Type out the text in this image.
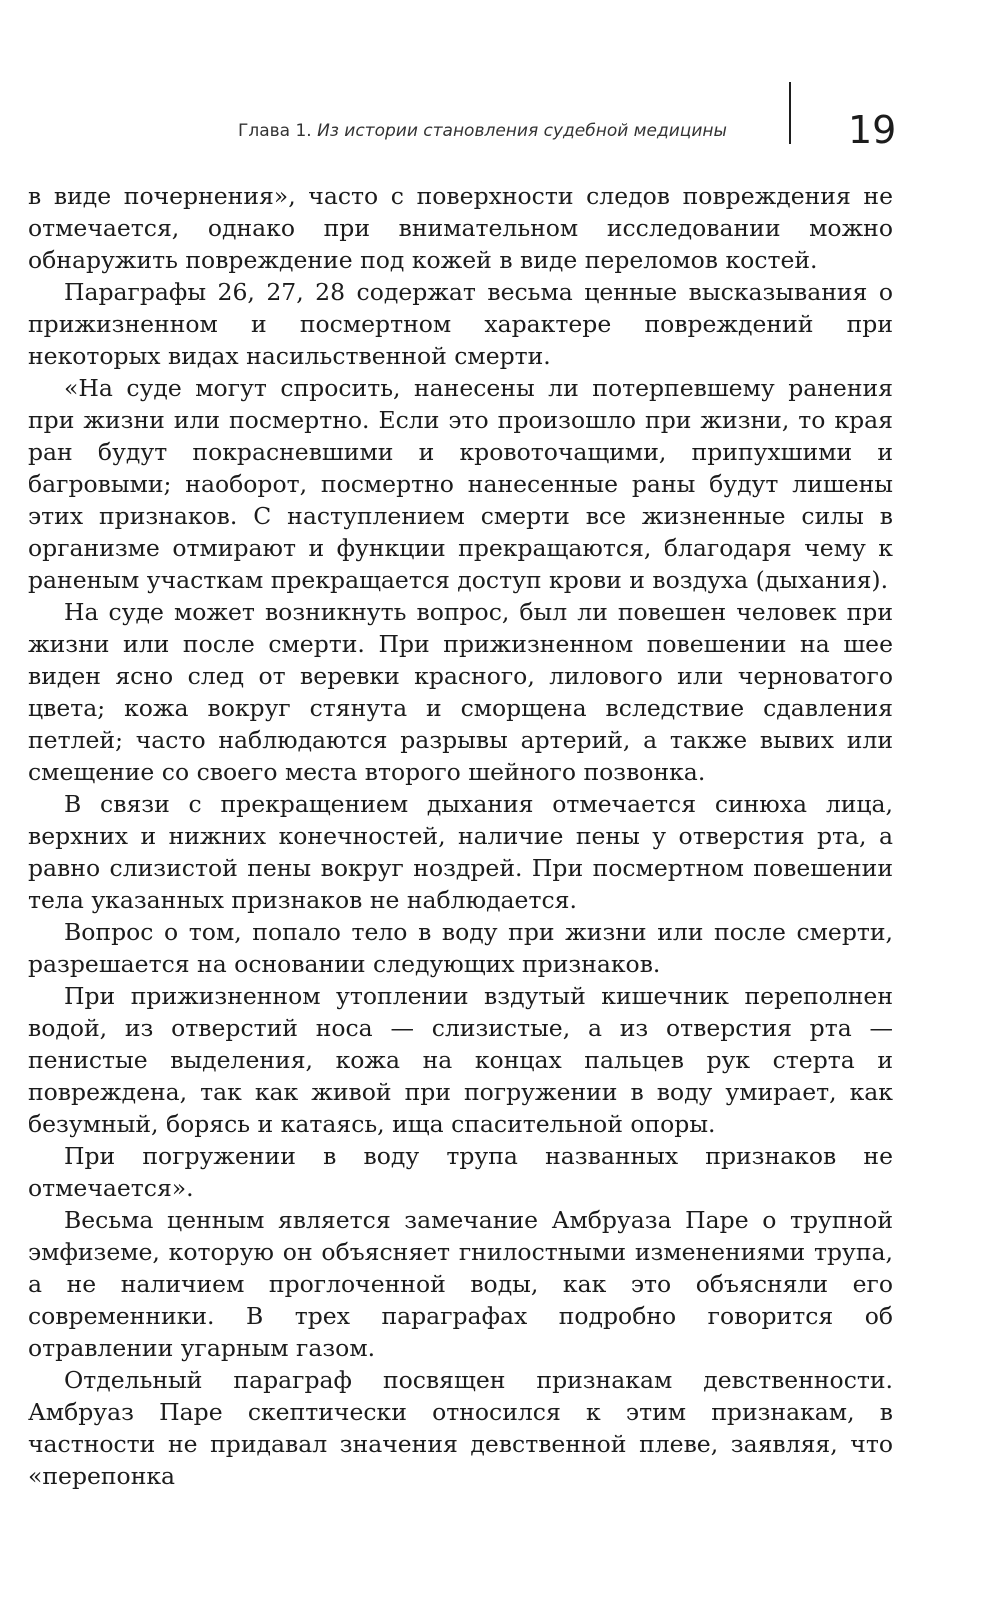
Глава 1. Из истории становления судебной медицины	19

в виде почернения», часто с поверхности следов повреждения не отмечается, однако при внимательном исследовании можно обнаружить повреждение под кожей в виде переломов костей.

Параграфы 26, 27, 28 содержат весьма ценные высказывания о прижизненном и посмертном характере повреждений при некоторых видах насильственной смерти.

«На суде могут спросить, нанесены ли потерпевшему ранения при жизни или посмертно. Если это произошло при жизни, то края ран будут покрасневшими и кровоточащими, припухшими и багровыми; наоборот, посмертно нанесенные раны будут лишены этих признаков. С наступлением смерти все жизненные силы в организме отмирают и функции прекращаются, благодаря чему к раненым участкам прекращается доступ крови и воздуха (дыхания).

На суде может возникнуть вопрос, был ли повешен человек при жизни или после смерти. При прижизненном повешении на шее виден ясно след от веревки красного, лилового или черноватого цвета; кожа вокруг стянута и сморщена вследствие сдавления петлей; часто наблюдаются разрывы артерий, а также вывих или смещение со своего места второго шейного позвонка.

В связи с прекращением дыхания отмечается синюха лица, верхних и нижних конечностей, наличие пены у отверстия рта, а равно слизистой пены вокруг ноздрей. При посмертном повешении тела указанных признаков не наблюдается.

Вопрос о том, попало тело в воду при жизни или после смерти, разрешается на основании следующих признаков.

При прижизненном утоплении вздутый кишечник переполнен водой, из отверстий носа — слизистые, а из отверстия рта — пенистые выделения, кожа на концах пальцев рук стерта и повреждена, так как живой при погружении в воду умирает, как безумный, борясь и катаясь, ища спасительной опоры.

При погружении в воду трупа названных признаков не отмечается».

Весьма ценным является замечание Амбруаза Паре о трупной эмфиземе, которую он объясняет гнилостными изменениями трупа, а не наличием проглоченной воды, как это объясняли его современники. В трех параграфах подробно говорится об отравлении угарным газом.

Отдельный параграф посвящен признакам девственности. Амбруаз Паре скептически относился к этим признакам, в частности не придавал значения девственной плеве, заявляя, что «перепонка
